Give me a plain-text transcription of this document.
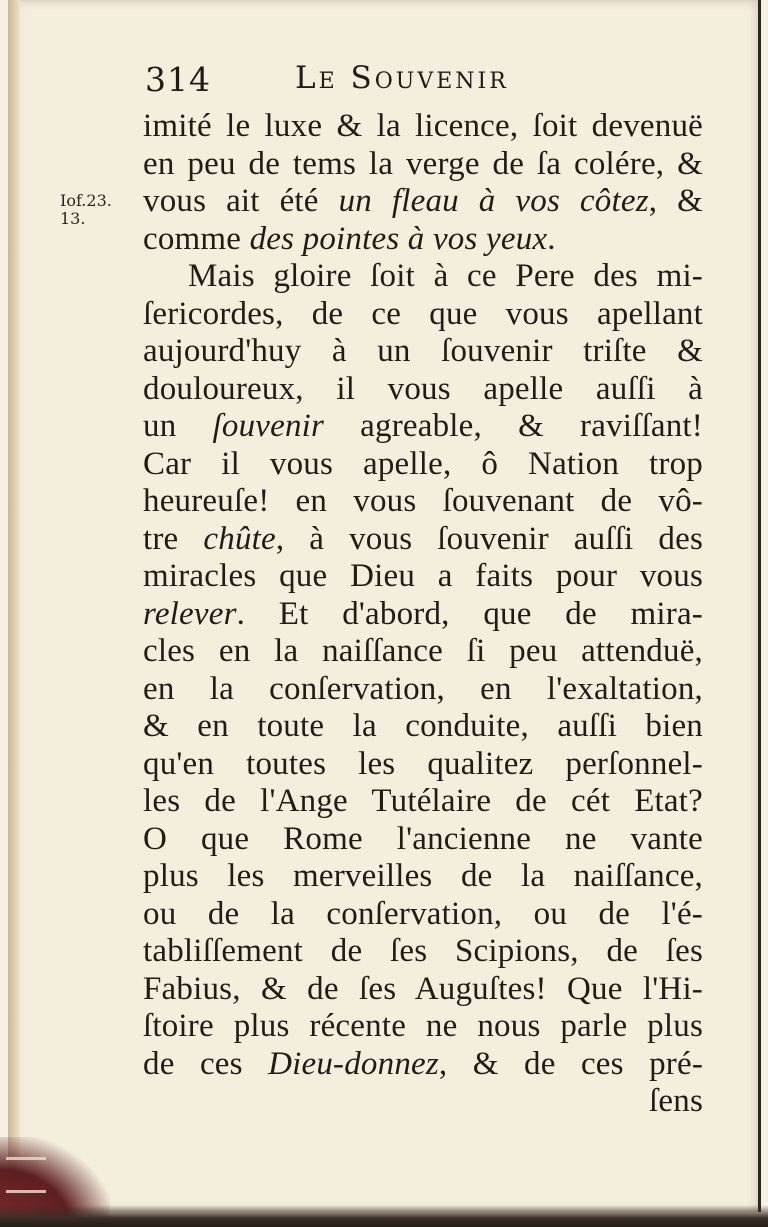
314	Le Souvenir
Iof.23.
13.
imité le luxe & la licence, ſoit devenuë
en peu de tems la verge de ſa colére, &
vous ait été un fleau à vos côtez, &
comme des pointes à vos yeux.
Mais gloire ſoit à ce Pere des mi-
ſericordes, de ce que vous apellant
aujourd'huy à un ſouvenir triſte &
douloureux, il vous apelle auſſi à
un ſouvenir agreable, & raviſſant!
Car il vous apelle, ô Nation trop
heureuſe! en vous ſouvenant de vô-
tre chûte, à vous ſouvenir auſſi des
miracles que Dieu a faits pour vous
relever. Et d'abord, que de mira-
cles en la naiſſance ſi peu attenduë,
en la conſervation, en l'exaltation,
& en toute la conduite, auſſi bien
qu'en toutes les qualitez perſonnel-
les de l'Ange Tutélaire de cét Etat?
O que Rome l'ancienne ne vante
plus les merveilles de la naiſſance,
ou de la conſervation, ou de l'é-
tabliſſement de ſes Scipions, de ſes
Fabius, & de ſes Auguſtes! Que l'Hi-
ſtoire plus récente ne nous parle plus
de ces Dieu-donnez, & de ces pré-
ſens
